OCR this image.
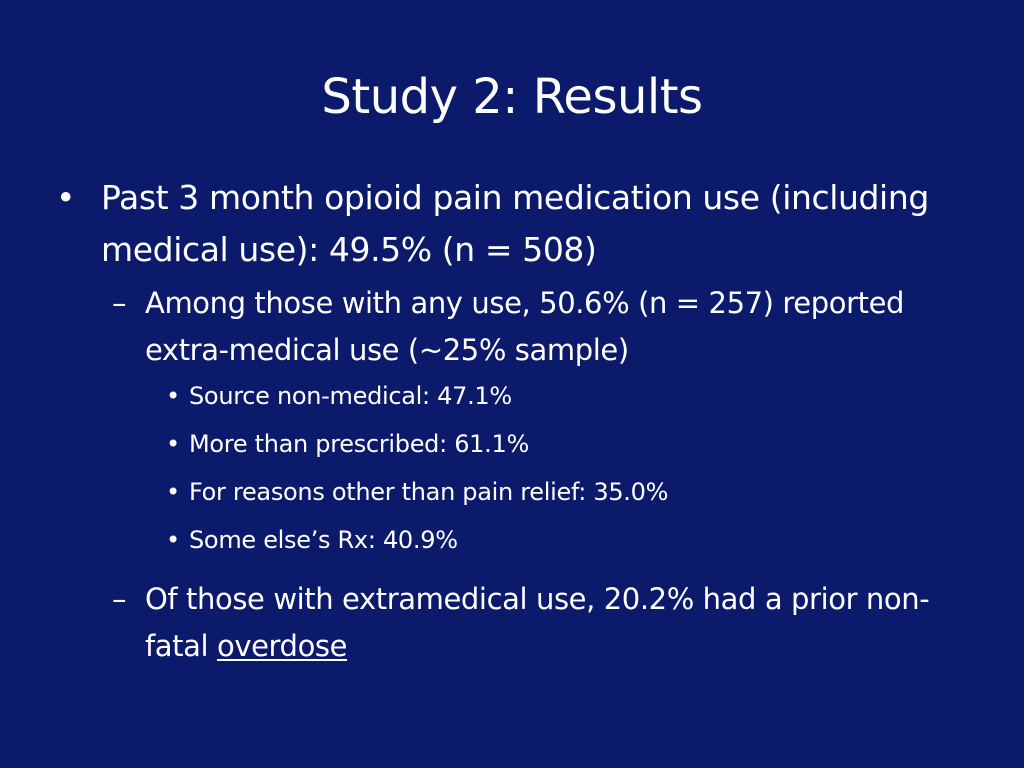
Study 2: Results
• Past 3 month opioid pain medication use (including medical use): 49.5% (n = 508)
– Among those with any use, 50.6% (n = 257) reported extra-medical use (~25% sample)
• Source non-medical: 47.1%
• More than prescribed: 61.1%
• For reasons other than pain relief: 35.0%
• Some else’s Rx: 40.9%
– Of those with extramedical use, 20.2% had a prior non-fatal overdose
